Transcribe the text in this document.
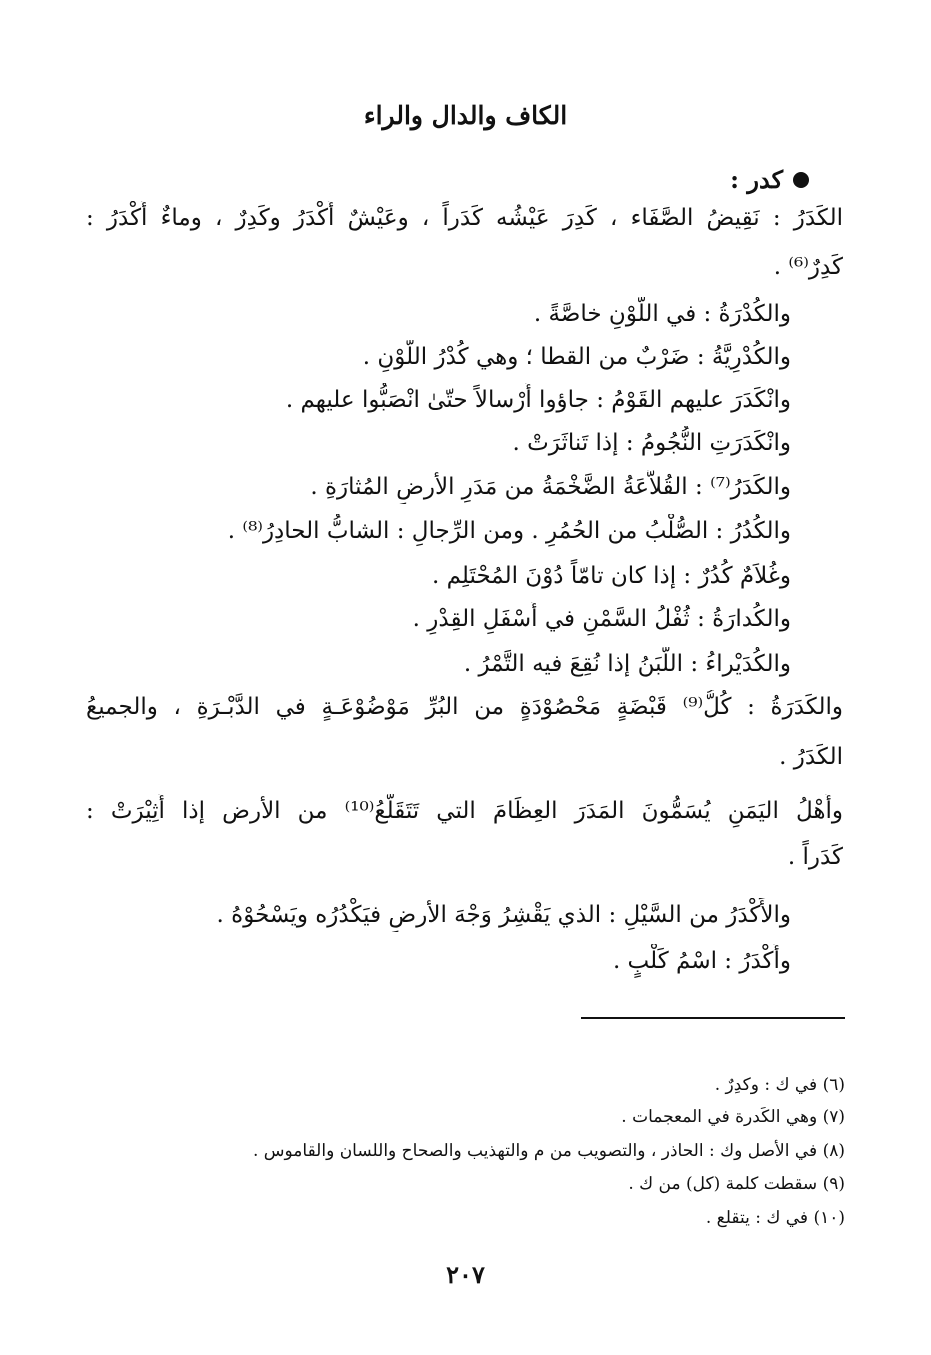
الكاف والدال والراء
كدر :
الكَدَرُ : نَقِيضُ الصَّفَاء ، كَدِرَ عَيْشُه كَدَراً ، وعَيْشٌ أَكْدَرُ وكَدِرٌ ، وماءٌ أَكْدَرُ :
كَدِرٌ⁽⁶⁾ .
والكُدْرَةُ : في اللَّوْنِ خاصَّةً .
والكُدْرِيَّةُ : ضَرْبٌ من القطا ؛ وهي كُدْرُ اللَّوْنِ .
وانْكَدَرَ عليهم القَوْمُ : جاؤوا أَرْسالاً حتّىٰ انْصَبُّوا عليهم .
وانْكَدَرَتِ النُّجُومُ : إذا تَناثَرَتْ .
والكَدَرُ⁽⁷⁾ : القُلاَّعَةُ الضَّخْمَةُ من مَدَرِ الأرضِ المُثارَةِ .
والكُدُرُ : الصُّلْبُ من الحُمُرِ . ومن الرِّجالِ : الشابُّ الحادِرُ⁽⁸⁾ .
وغُلاَمٌ كُدُرٌ : إذا كان تامّاً دُوْنَ المُحْتَلِم .
والكُدارَةُ : ثُفْلُ السَّمْنِ في أَسْفَلِ القِدْرِ .
والكُدَيْراءُ : اللَّبَنُ إذا نُقِعَ فيه التَّمْرُ .
والكَدَرَةُ : كُلُّ⁽⁹⁾ قَبْضَةٍ مَحْصُوْدَةٍ من البُرِّ مَوْضُوْعَـةٍ في الدَّبْـرَةِ ، والجميعُ
الكَدَرُ .
وأَهْلُ اليَمَنِ يُسَمُّونَ المَدَرَ العِظَامَ التي تَتَقَلَّعُ⁽¹⁰⁾ من الأرض إذا أُثِيْرَتْ :
كَدَراً .
والأَكْدَرُ من السَّيْلِ : الذي يَقْشِرُ وَجْهَ الأرضِ فيَكْدُرُه ويَسْحُوْهُ .
وأَكْدَرُ : اسْمُ كَلْبٍ .
(٦) في ك : وكدِرٌ .
(٧) وهي الكَدرة في المعجمات .
(٨) في الأصل وك : الحاذر ، والتصويب من م والتهذيب والصحاح واللسان والقاموس .
(٩) سقطت كلمة (كل) من ك .
(١٠) في ك : يتقلع .
٢٠٧
